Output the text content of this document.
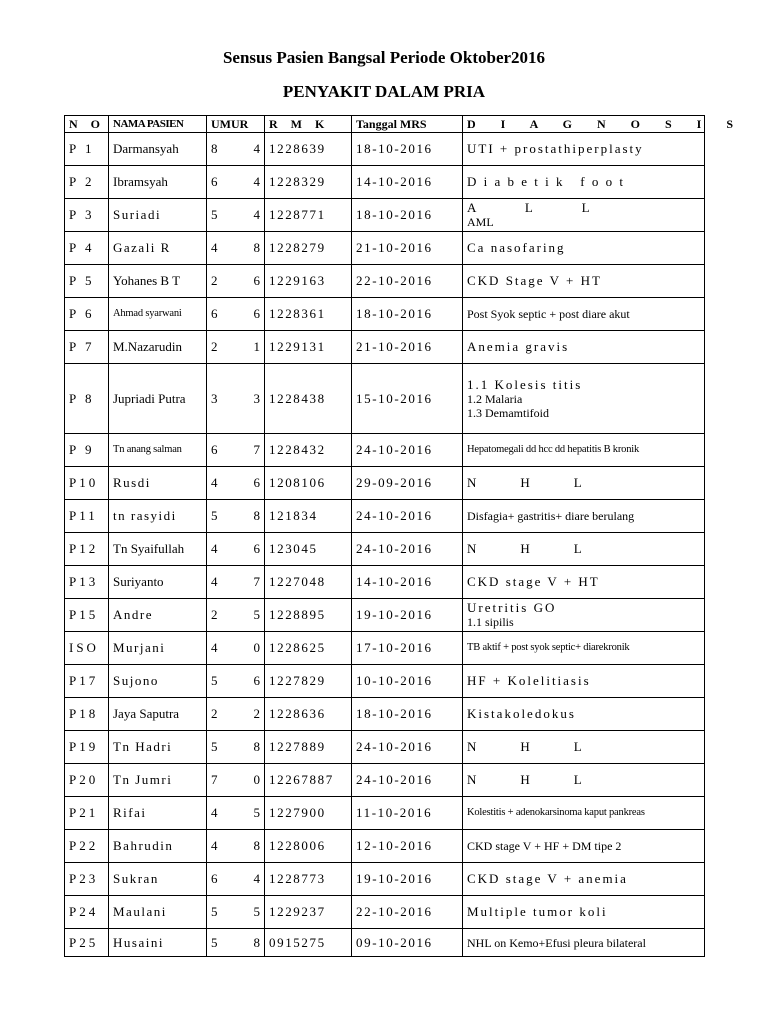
Sensus Pasien Bangsal Periode Oktober2016
PENYAKIT DALAM PRIA
N O	NAMA PASIEN	UMUR	R M K	Tanggal MRS	D I A G N O S I S
P 1	Darmansyah	8 4	1228639	18-10-2016	UTI + prostathiperplasty

P 2	Ibramsyah	6 4	1228329	14-10-2016	D i a b e t i k   f o o t

P 3	Suriadi	5 4	1228771	18-10-2016	A         L         L
AML

P 4	Gazali R	4 8	1228279	21-10-2016	Ca nasofaring

P 5	Yohanes B T	2 6	1229163	22-10-2016	CKD Stage V + HT

P 6	Ahmad syarwani	6 6	1228361	18-10-2016	Post Syok septic + post diare akut

P 7	M.Nazarudin	2 1	1229131	21-10-2016	Anemia gravis

P 8	Jupriadi Putra	3 3	1228438	15-10-2016	1.1 Kolesis titis
1.2 Malaria
1.3 Demamtifoid

P 9	Tn anang salman	6 7	1228432	24-10-2016	Hepatomegali dd hcc dd hepatitis B kronik

P10	Rusdi	4 6	1208106	29-09-2016	N        H        L

P11	tn rasyidi	5 8	121834	24-10-2016	Disfagia+ gastritis+ diare berulang

P12	Tn Syaifullah	4 6	123045	24-10-2016	N        H        L

P13	Suriyanto	4 7	1227048	14-10-2016	CKD stage V + HT

P15	Andre	2 5	1228895	19-10-2016	Uretritis GO
1.1 sipilis

ISO	Murjani	4 0	1228625	17-10-2016	TB aktif + post syok septic+ diarekronik

P17	Sujono	5 6	1227829	10-10-2016	HF + Kolelitiasis

P18	Jaya Saputra	2 2	1228636	18-10-2016	Kistakoledokus

P19	Tn Hadri	5 8	1227889	24-10-2016	N        H        L

P20	Tn Jumri	7 0	12267887	24-10-2016	N        H        L

P21	Rifai	4 5	1227900	11-10-2016	Kolestitis + adenokarsinoma kaput pankreas

P22	Bahrudin	4 8	1228006	12-10-2016	CKD stage V + HF + DM tipe 2

P23	Sukran	6 4	1228773	19-10-2016	CKD stage V + anemia

P24	Maulani	5 5	1229237	22-10-2016	Multiple tumor koli

P25	Husaini	5 8	0915275	09-10-2016	NHL on Kemo+Efusi pleura bilateral
